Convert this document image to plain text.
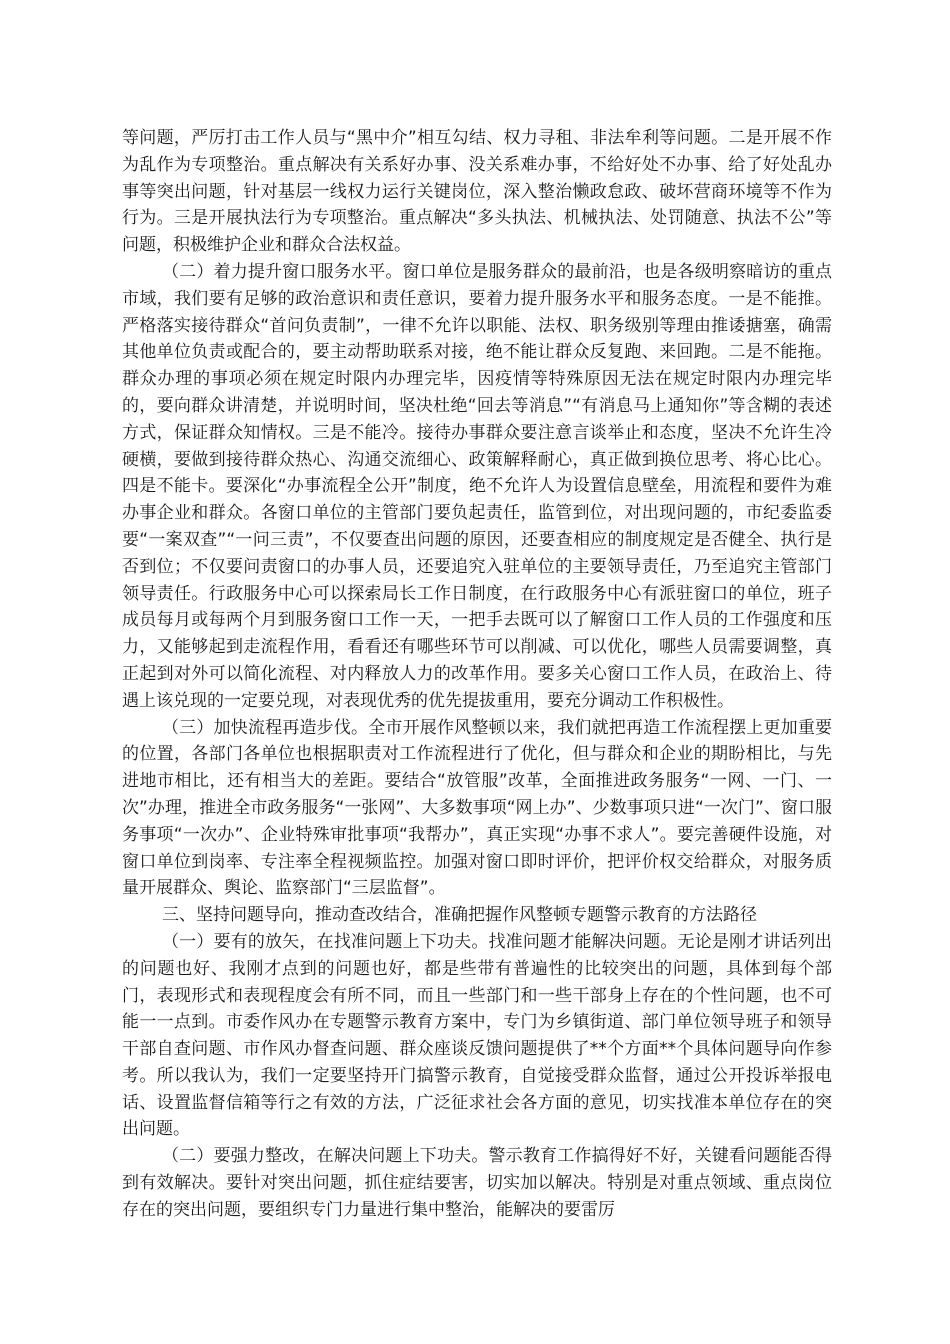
等问题，严厉打击工作人员与“黑中介”相互勾结、权力寻租、非法牟利等问题。二是开展不作为乱作为专项整治。重点解决有关系好办事、没关系难办事，不给好处不办事、给了好处乱办事等突出问题，针对基层一线权力运行关键岗位，深入整治懒政怠政、破坏营商环境等不作为行为。三是开展执法行为专项整治。重点解决“多头执法、机械执法、处罚随意、执法不公”等问题，积极维护企业和群众合法权益。

（二）着力提升窗口服务水平。窗口单位是服务群众的最前沿，也是各级明察暗访的重点市域，我们要有足够的政治意识和责任意识，要着力提升服务水平和服务态度。一是不能推。严格落实接待群众“首问负责制”，一律不允许以职能、法权、职务级别等理由推诿搪塞，确需其他单位负责或配合的，要主动帮助联系对接，绝不能让群众反复跑、来回跑。二是不能拖。群众办理的事项必须在规定时限内办理完毕，因疫情等特殊原因无法在规定时限内办理完毕的，要向群众讲清楚，并说明时间，坚决杜绝“回去等消息”“有消息马上通知你”等含糊的表述方式，保证群众知情权。三是不能冷。接待办事群众要注意言谈举止和态度，坚决不允许生冷硬横，要做到接待群众热心、沟通交流细心、政策解释耐心，真正做到换位思考、将心比心。四是不能卡。要深化“办事流程全公开”制度，绝不允许人为设置信息壁垒，用流程和要件为难办事企业和群众。各窗口单位的主管部门要负起责任，监管到位，对出现问题的，市纪委监委要“一案双查”“一问三责”，不仅要查出问题的原因，还要查相应的制度规定是否健全、执行是否到位；不仅要问责窗口的办事人员，还要追究入驻单位的主要领导责任，乃至追究主管部门领导责任。行政服务中心可以探索局长工作日制度，在行政服务中心有派驻窗口的单位，班子成员每月或每两个月到服务窗口工作一天，一把手去既可以了解窗口工作人员的工作强度和压力，又能够起到走流程作用，看看还有哪些环节可以削减、可以优化，哪些人员需要调整，真正起到对外可以简化流程、对内释放人力的改革作用。要多关心窗口工作人员，在政治上、待遇上该兑现的一定要兑现，对表现优秀的优先提拔重用，要充分调动工作积极性。

（三）加快流程再造步伐。全市开展作风整顿以来，我们就把再造工作流程摆上更加重要的位置，各部门各单位也根据职责对工作流程进行了优化，但与群众和企业的期盼相比，与先进地市相比，还有相当大的差距。要结合“放管服”改革，全面推进政务服务“一网、一门、一次”办理，推进全市政务服务“一张网”、大多数事项“网上办”、少数事项只进“一次门”、窗口服务事项“一次办”、企业特殊审批事项“我帮办”，真正实现“办事不求人”。要完善硬件设施，对窗口单位到岗率、专注率全程视频监控。加强对窗口即时评价，把评价权交给群众，对服务质量开展群众、舆论、监察部门“三层监督”。

三、坚持问题导向，推动查改结合，准确把握作风整顿专题警示教育的方法路径

（一）要有的放矢，在找准问题上下功夫。找准问题才能解决问题。无论是刚才讲话列出的问题也好、我刚才点到的问题也好，都是些带有普遍性的比较突出的问题，具体到每个部门，表现形式和表现程度会有所不同，而且一些部门和一些干部身上存在的个性问题，也不可能一一点到。市委作风办在专题警示教育方案中，专门为乡镇街道、部门单位领导班子和领导干部自查问题、市作风办督查问题、群众座谈反馈问题提供了**个方面**个具体问题导向作参考。所以我认为，我们一定要坚持开门搞警示教育，自觉接受群众监督，通过公开投诉举报电话、设置监督信箱等行之有效的方法，广泛征求社会各方面的意见，切实找准本单位存在的突出问题。

（二）要强力整改，在解决问题上下功夫。警示教育工作搞得好不好，关键看问题能否得到有效解决。要针对突出问题，抓住症结要害，切实加以解决。特别是对重点领域、重点岗位存在的突出问题，要组织专门力量进行集中整治，能解决的要雷厉
